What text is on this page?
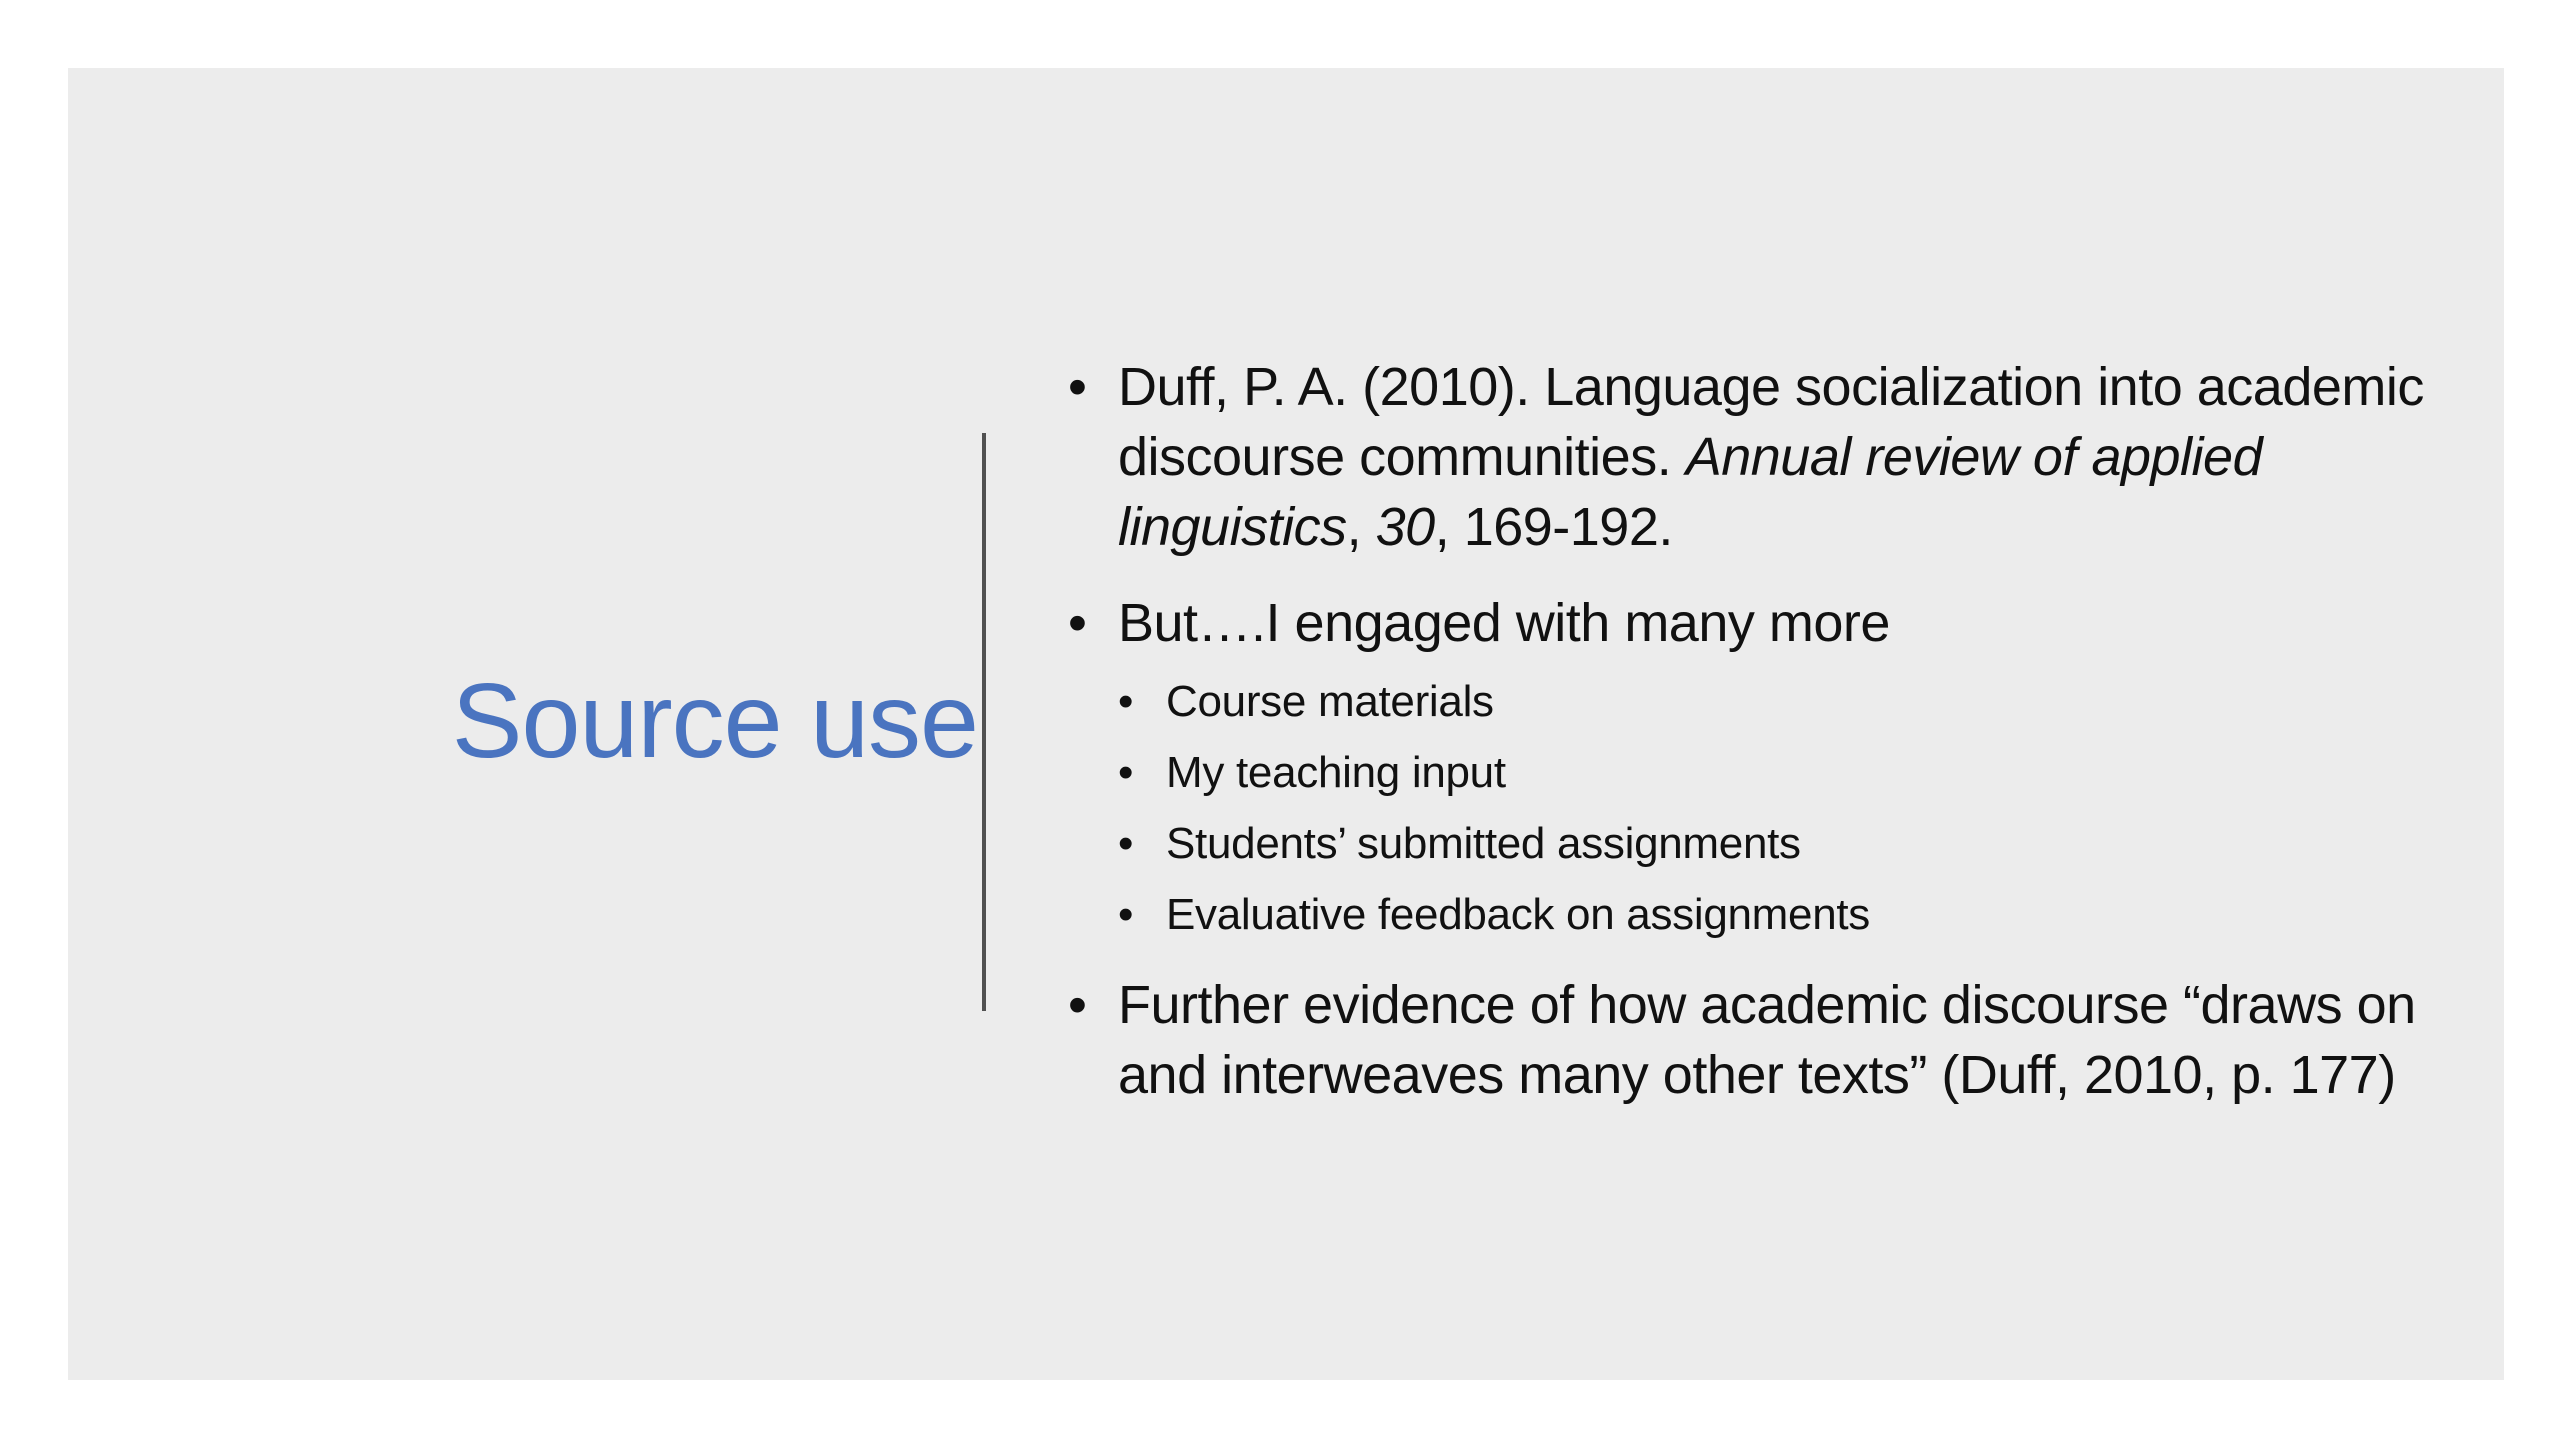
Source use
• Duff, P. A. (2010). Language socialization into academic discourse communities. Annual review of applied linguistics, 30, 169-192.
• But….I engaged with many more
• Course materials
• My teaching input
• Students’ submitted assignments
• Evaluative feedback on assignments
• Further evidence of how academic discourse “draws on and interweaves many other texts” (Duff, 2010, p. 177)
